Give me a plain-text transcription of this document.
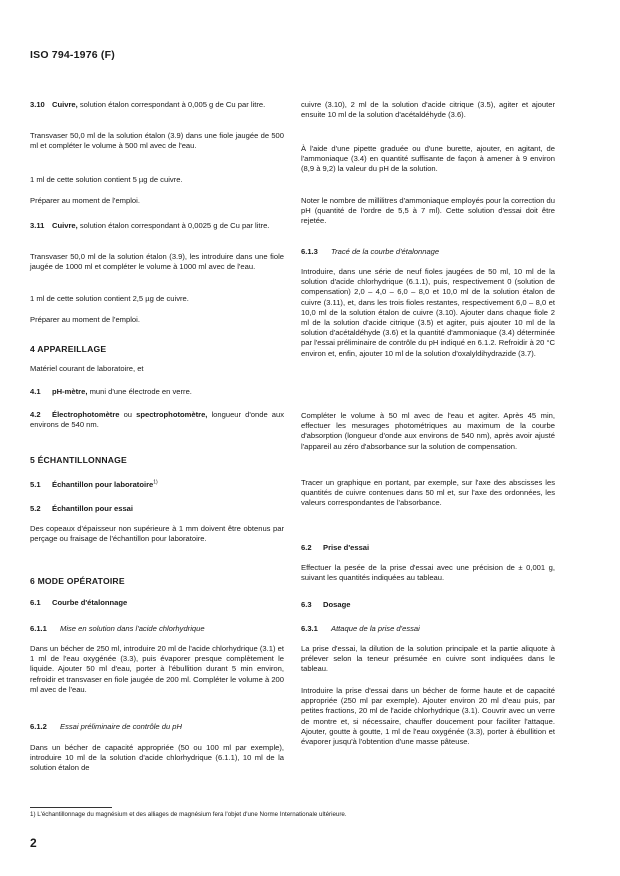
ISO 794-1976 (F)
3.10 Cuivre, solution étalon correspondant à 0,005 g de Cu par litre.
Transvaser 50,0 ml de la solution étalon (3.9) dans une fiole jaugée de 500 ml et compléter le volume à 500 ml avec de l'eau.
1 ml de cette solution contient 5 µg de cuivre.
Préparer au moment de l'emploi.
3.11 Cuivre, solution étalon correspondant à 0,0025 g de Cu par litre.
Transvaser 50,0 ml de la solution étalon (3.9), les introduire dans une fiole jaugée de 1000 ml et compléter le volume à 1000 ml avec de l'eau.
1 ml de cette solution contient 2,5 µg de cuivre.
Préparer au moment de l'emploi.
4 APPAREILLAGE
Matériel courant de laboratoire, et
4.1 pH-mètre, muni d'une électrode en verre.
4.2 Électrophotomètre ou spectrophotomètre, longueur d'onde aux environs de 540 nm.
5 ÉCHANTILLONNAGE
5.1 Échantillon pour laboratoire$^{1)}$
5.2 Échantillon pour essai
Des copeaux d'épaisseur non supérieure à 1 mm doivent être obtenus par perçage ou fraisage de l'échantillon pour laboratoire.
6 MODE OPÉRATOIRE
6.1 Courbe d'étalonnage
6.1.1 Mise en solution dans l'acide chlorhydrique
Dans un bécher de 250 ml, introduire 20 ml de l'acide chlorhydrique (3.1) et 1 ml de l'eau oxygénée (3.3), puis évaporer presque complètement le liquide. Ajouter 50 ml d'eau, porter à l'ébullition durant 5 min environ, refroidir et transvaser en fiole jaugée de 200 ml. Compléter le volume à 200 ml avec de l'eau.
6.1.2 Essai préliminaire de contrôle du pH
Dans un bécher de capacité appropriée (50 ou 100 ml par exemple), introduire 10 ml de la solution d'acide chlorhydrique (6.1.1), 10 ml de la solution étalon de
cuivre (3.10), 2 ml de la solution d'acide citrique (3.5), agiter et ajouter ensuite 10 ml de la solution d'acétaldéhyde (3.6).
À l'aide d'une pipette graduée ou d'une burette, ajouter, en agitant, de l'ammoniaque (3.4) en quantité suffisante de façon à amener à 9 environ (8,9 à 9,2) la valeur du pH de la solution.
Noter le nombre de millilitres d'ammoniaque employés pour la correction du pH (quantité de l'ordre de 5,5 à 7 ml). Cette solution d'essai doit être rejetée.
6.1.3 Tracé de la courbe d'étalonnage
Introduire, dans une série de neuf fioles jaugées de 50 ml, 10 ml de la solution d'acide chlorhydrique (6.1.1), puis, respectivement 0 (solution de compensation) 2,0 – 4,0 – 6,0 – 8,0 et 10,0 ml de la solution étalon de cuivre (3.11), et, dans les trois fioles restantes, respectivement 6,0 – 8,0 et 10,0 ml de la solution étalon de cuivre (3.10). Ajouter dans chaque fiole 2 ml de la solution d'acide citrique (3.5) et agiter, puis ajouter 10 ml de la solution d'acétaldéhyde (3.6) et la quantité d'ammoniaque (3.4) déterminée par l'essai préliminaire de contrôle du pH indiqué en 6.1.2. Refroidir à 20 °C environ et, enfin, ajouter 10 ml de la solution d'oxalyldihydrazide (3.7).
Compléter le volume à 50 ml avec de l'eau et agiter. Après 45 min, effectuer les mesurages photométriques au maximum de la courbe d'absorption (longueur d'onde aux environs de 540 nm), après avoir ajusté l'appareil au zéro d'absorbance sur la solution de compensation.
Tracer un graphique en portant, par exemple, sur l'axe des abscisses les quantités de cuivre contenues dans 50 ml et, sur l'axe des ordonnées, les valeurs correspondantes de l'absorbance.
6.2 Prise d'essai
Effectuer la pesée de la prise d'essai avec une précision de ± 0,001 g, suivant les quantités indiquées au tableau.
6.3 Dosage
6.3.1 Attaque de la prise d'essai
La prise d'essai, la dilution de la solution principale et la partie aliquote à prélever selon la teneur présumée en cuivre sont indiquées dans le tableau.
Introduire la prise d'essai dans un bécher de forme haute et de capacité appropriée (250 ml par exemple). Ajouter environ 20 ml d'eau puis, par petites fractions, 20 ml de l'acide chlorhydrique (3.1). Couvrir avec un verre de montre et, si nécessaire, chauffer doucement pour faciliter l'attaque. Ajouter, goutte à goutte, 1 ml de l'eau oxygénée (3.3), porter à ébullition et évaporer jusqu'à l'obtention d'une masse pâteuse.
1) L'échantillonnage du magnésium et des alliages de magnésium fera l'objet d'une Norme Internationale ultérieure.
2
